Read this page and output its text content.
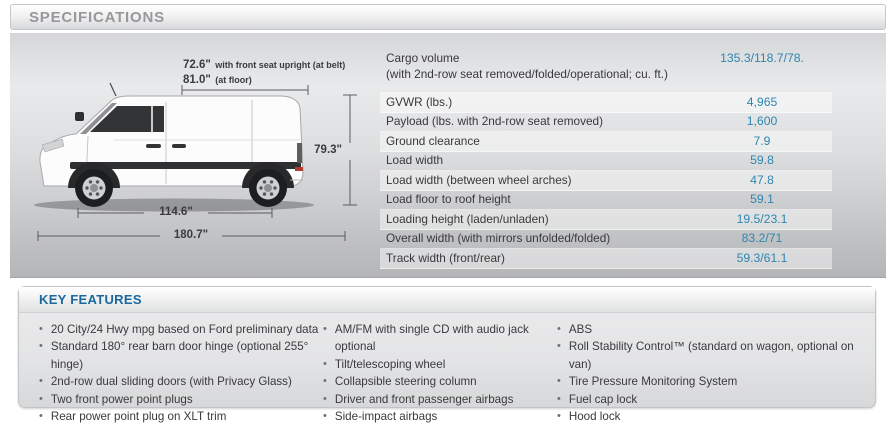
SPECIFICATIONS
72.6" with front seat upright (at belt)
81.0" (at floor)
79.3"
114.6"
180.7"
Cargo volume
(with 2nd-row seat removed/folded/operational; cu. ft.)
135.3/118.7/78.
GVWR (lbs.)	4,965
Payload (lbs. with 2nd-row seat removed)	1,600
Ground clearance	7.9
Load width	59.8
Load width (between wheel arches)	47.8
Load floor to roof height	59.1
Loading height (laden/unladen)	19.5/23.1
Overall width (with mirrors unfolded/folded)	83.2/71
Track width (front/rear)	59.3/61.1
KEY FEATURES
• 20 City/24 Hwy mpg based on Ford preliminary data
• Standard 180° rear barn door hinge (optional 255° hinge)
• 2nd-row dual sliding doors (with Privacy Glass)
• Two front power point plugs
• Rear power point plug on XLT trim
• AM/FM with single CD with audio jack optional
• Tilt/telescoping wheel
• Collapsible steering column
• Driver and front passenger airbags
• Side-impact airbags
• ABS
• Roll Stability Control™ (standard on wagon, optional on van)
• Tire Pressure Monitoring System
• Fuel cap lock
• Hood lock
